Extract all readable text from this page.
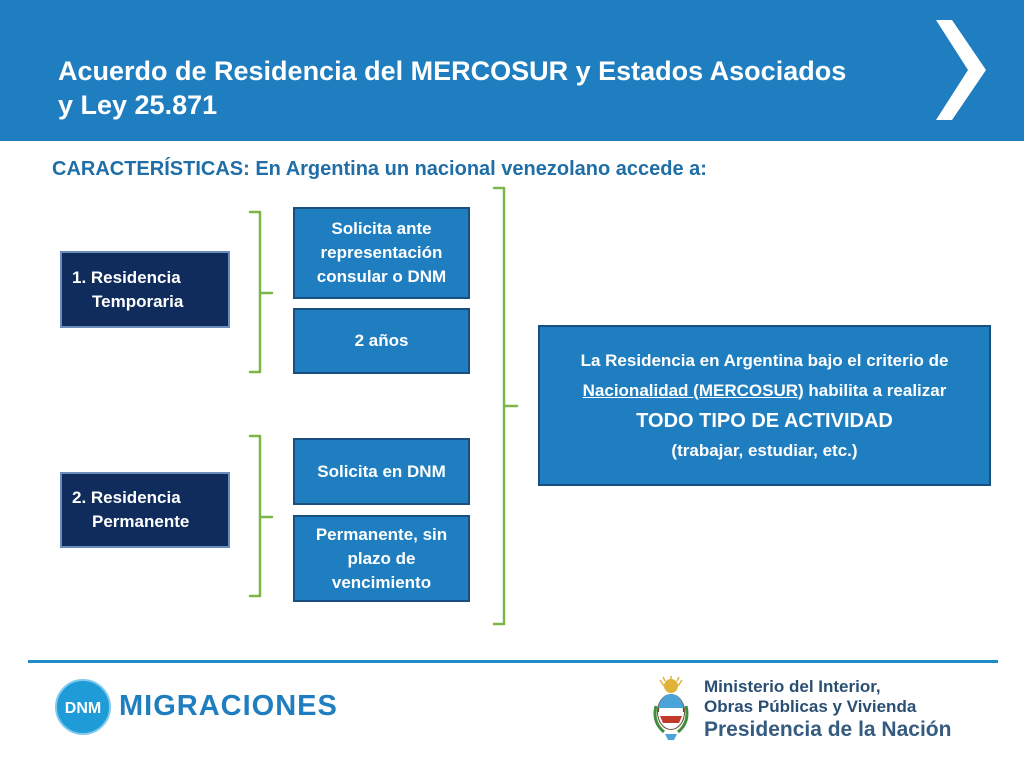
Acuerdo de Residencia del MERCOSUR y Estados Asociados
y Ley 25.871

CARACTERÍSTICAS: En Argentina un nacional venezolano accede a:

1. Residencia
Temporaria
Solicita ante representación consular o DNM
2 años
2. Residencia
Permanente
Solicita en DNM
Permanente, sin plazo de vencimiento
La Residencia en Argentina bajo el criterio de
Nacionalidad (MERCOSUR) habilita a realizar
TODO TIPO DE ACTIVIDAD
(trabajar, estudiar, etc.)
DNM MIGRACIONES

Ministerio del Interior,
Obras Públicas y Vivienda
Presidencia de la Nación
